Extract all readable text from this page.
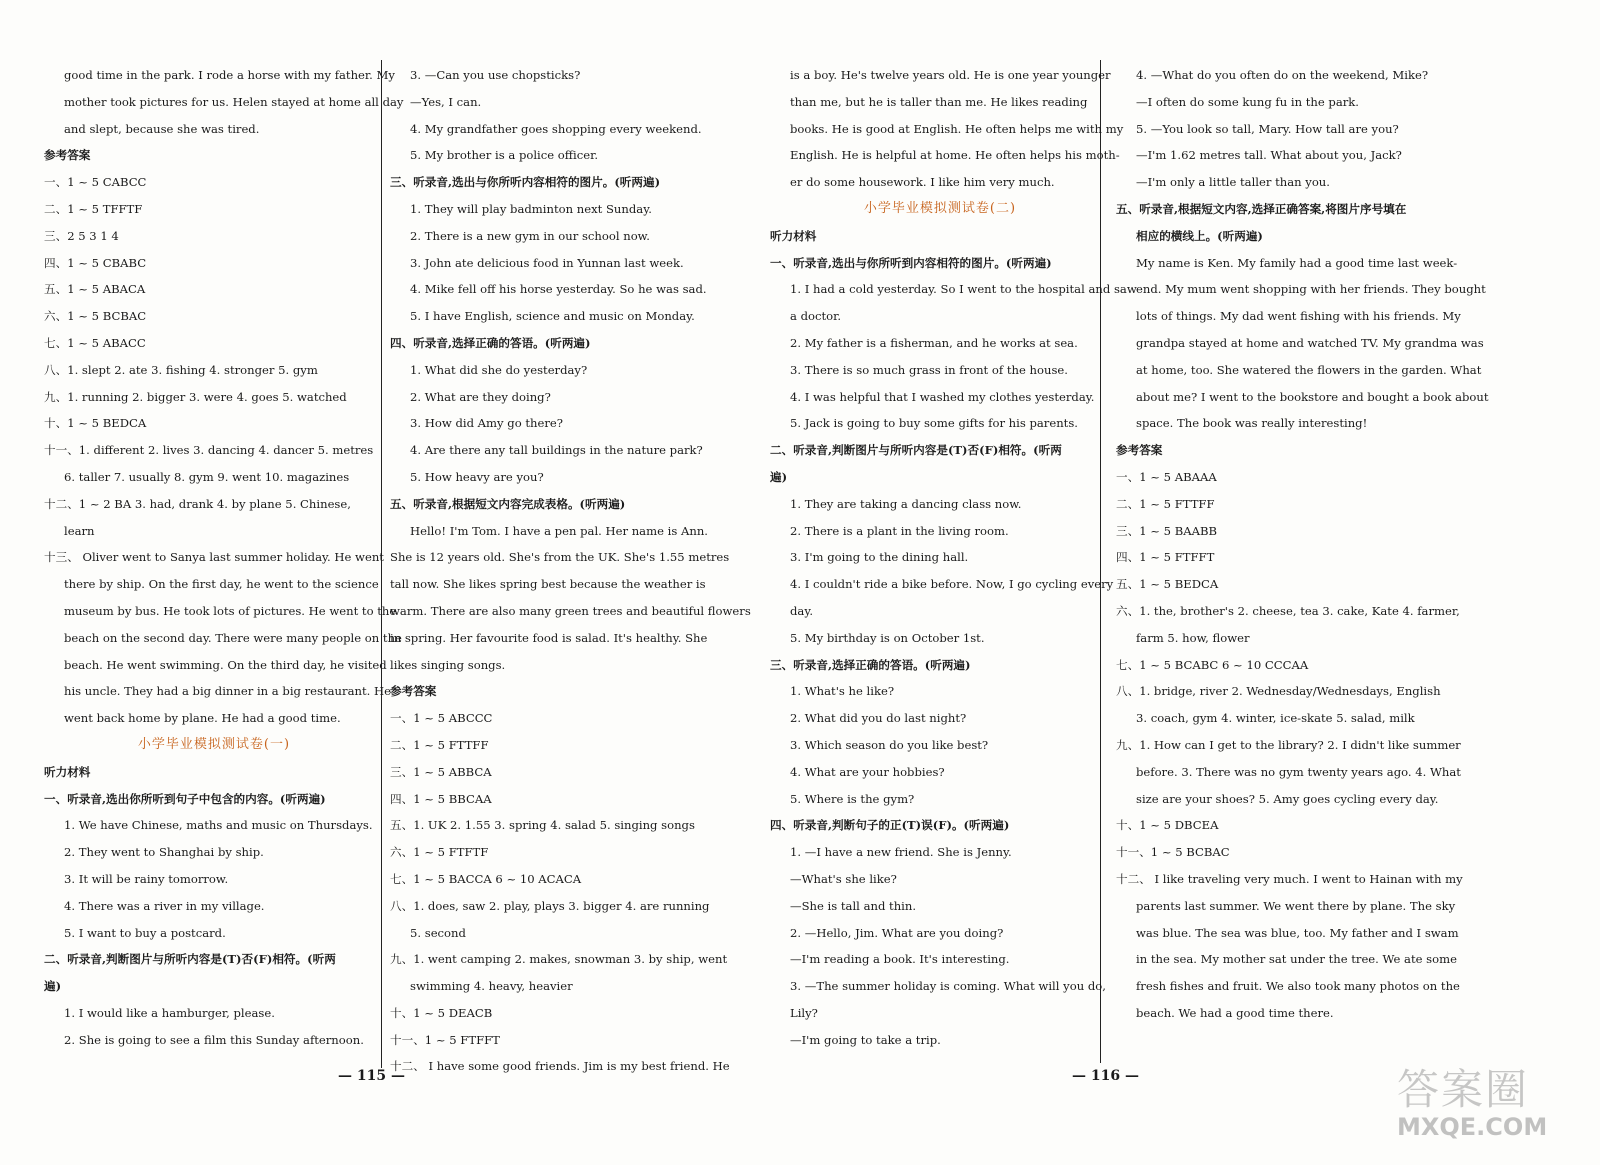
good time in the park. I rode a horse with my father. My
mother took pictures for us. Helen stayed at home all day
and slept, because she was tired.
参考答案
一、1 ~ 5 CABCC
二、1 ~ 5 TFFTF
三、2 5 3 1 4
四、1 ~ 5 CBABC
五、1 ~ 5 ABACA
六、1 ~ 5 BCBAC
七、1 ~ 5 ABACC
八、1. slept 2. ate 3. fishing 4. stronger 5. gym
九、1. running 2. bigger 3. were 4. goes 5. watched
十、1 ~ 5 BEDCA
十一、1. different 2. lives 3. dancing 4. dancer 5. metres
6. taller 7. usually 8. gym 9. went 10. magazines
十二、1 ~ 2 BA 3. had, drank 4. by plane 5. Chinese,
learn
十三、 Oliver went to Sanya last summer holiday. He went
there by ship. On the first day, he went to the science
museum by bus. He took lots of pictures. He went to the
beach on the second day. There were many people on the
beach. He went swimming. On the third day, he visited
his uncle. They had a big dinner in a big restaurant. He
went back home by plane. He had a good time.
小学毕业模拟测试卷(一)
听力材料
一、听录音,选出你所听到句子中包含的内容。(听两遍)
1. We have Chinese, maths and music on Thursdays.
2. They went to Shanghai by ship.
3. It will be rainy tomorrow.
4. There was a river in my village.
5. I want to buy a postcard.
二、听录音,判断图片与所听内容是(T)否(F)相符。(听两
遍)
1. I would like a hamburger, please.
2. She is going to see a film this Sunday afternoon.
3. —Can you use chopsticks?
—Yes, I can.
4. My grandfather goes shopping every weekend.
5. My brother is a police officer.
三、听录音,选出与你所听内容相符的图片。(听两遍)
1. They will play badminton next Sunday.
2. There is a new gym in our school now.
3. John ate delicious food in Yunnan last week.
4. Mike fell off his horse yesterday. So he was sad.
5. I have English, science and music on Monday.
四、听录音,选择正确的答语。(听两遍)
1. What did she do yesterday?
2. What are they doing?
3. How did Amy go there?
4. Are there any tall buildings in the nature park?
5. How heavy are you?
五、听录音,根据短文内容完成表格。(听两遍)
Hello! I'm Tom. I have a pen pal. Her name is Ann.
She is 12 years old. She's from the UK. She's 1.55 metres
tall now. She likes spring best because the weather is
warm. There are also many green trees and beautiful flowers
in spring. Her favourite food is salad. It's healthy. She
likes singing songs.
参考答案
一、1 ~ 5 ABCCC
二、1 ~ 5 FTTFF
三、1 ~ 5 ABBCA
四、1 ~ 5 BBCAA
五、1. UK 2. 1.55 3. spring 4. salad 5. singing songs
六、1 ~ 5 FTFTF
七、1 ~ 5 BACCA 6 ~ 10 ACACA
八、1. does, saw 2. play, plays 3. bigger 4. are running
5. second
九、1. went camping 2. makes, snowman 3. by ship, went
swimming 4. heavy, heavier
十、1 ~ 5 DEACB
十一、1 ~ 5 FTFFT
十二、 I have some good friends. Jim is my best friend. He
is a boy. He's twelve years old. He is one year younger
than me, but he is taller than me. He likes reading
books. He is good at English. He often helps me with my
English. He is helpful at home. He often helps his moth-
er do some housework. I like him very much.
小学毕业模拟测试卷(二)
听力材料
一、听录音,选出与你所听到内容相符的图片。(听两遍)
1. I had a cold yesterday. So I went to the hospital and saw
a doctor.
2. My father is a fisherman, and he works at sea.
3. There is so much grass in front of the house.
4. I was helpful that I washed my clothes yesterday.
5. Jack is going to buy some gifts for his parents.
二、听录音,判断图片与所听内容是(T)否(F)相符。(听两
遍)
1. They are taking a dancing class now.
2. There is a plant in the living room.
3. I'm going to the dining hall.
4. I couldn't ride a bike before. Now, I go cycling every
day.
5. My birthday is on October 1st.
三、听录音,选择正确的答语。(听两遍)
1. What's he like?
2. What did you do last night?
3. Which season do you like best?
4. What are your hobbies?
5. Where is the gym?
四、听录音,判断句子的正(T)误(F)。(听两遍)
1. —I have a new friend. She is Jenny.
—What's she like?
—She is tall and thin.
2. —Hello, Jim. What are you doing?
—I'm reading a book. It's interesting.
3. —The summer holiday is coming. What will you do,
Lily?
—I'm going to take a trip.
4. —What do you often do on the weekend, Mike?
—I often do some kung fu in the park.
5. —You look so tall, Mary. How tall are you?
—I'm 1.62 metres tall. What about you, Jack?
—I'm only a little taller than you.
五、听录音,根据短文内容,选择正确答案,将图片序号填在
相应的横线上。(听两遍)
My name is Ken. My family had a good time last week-
end. My mum went shopping with her friends. They bought
lots of things. My dad went fishing with his friends. My
grandpa stayed at home and watched TV. My grandma was
at home, too. She watered the flowers in the garden. What
about me? I went to the bookstore and bought a book about
space. The book was really interesting!
参考答案
一、1 ~ 5 ABAAA
二、1 ~ 5 FTTFF
三、1 ~ 5 BAABB
四、1 ~ 5 FTFFT
五、1 ~ 5 BEDCA
六、1. the, brother's 2. cheese, tea 3. cake, Kate 4. farmer,
farm 5. how, flower
七、1 ~ 5 BCABC 6 ~ 10 CCCAA
八、1. bridge, river 2. Wednesday/Wednesdays, English
3. coach, gym 4. winter, ice-skate 5. salad, milk
九、1. How can I get to the library? 2. I didn't like summer
before. 3. There was no gym twenty years ago. 4. What
size are your shoes? 5. Amy goes cycling every day.
十、1 ~ 5 DBCEA
十一、1 ~ 5 BCBAC
十二、 I like traveling very much. I went to Hainan with my
parents last summer. We went there by plane. The sky
was blue. The sea was blue, too. My father and I swam
in the sea. My mother sat under the tree. We ate some
fresh fishes and fruit. We also took many photos on the
beach. We had a good time there.
— 115 —	— 116 —	答案圈
MXQE.COM
